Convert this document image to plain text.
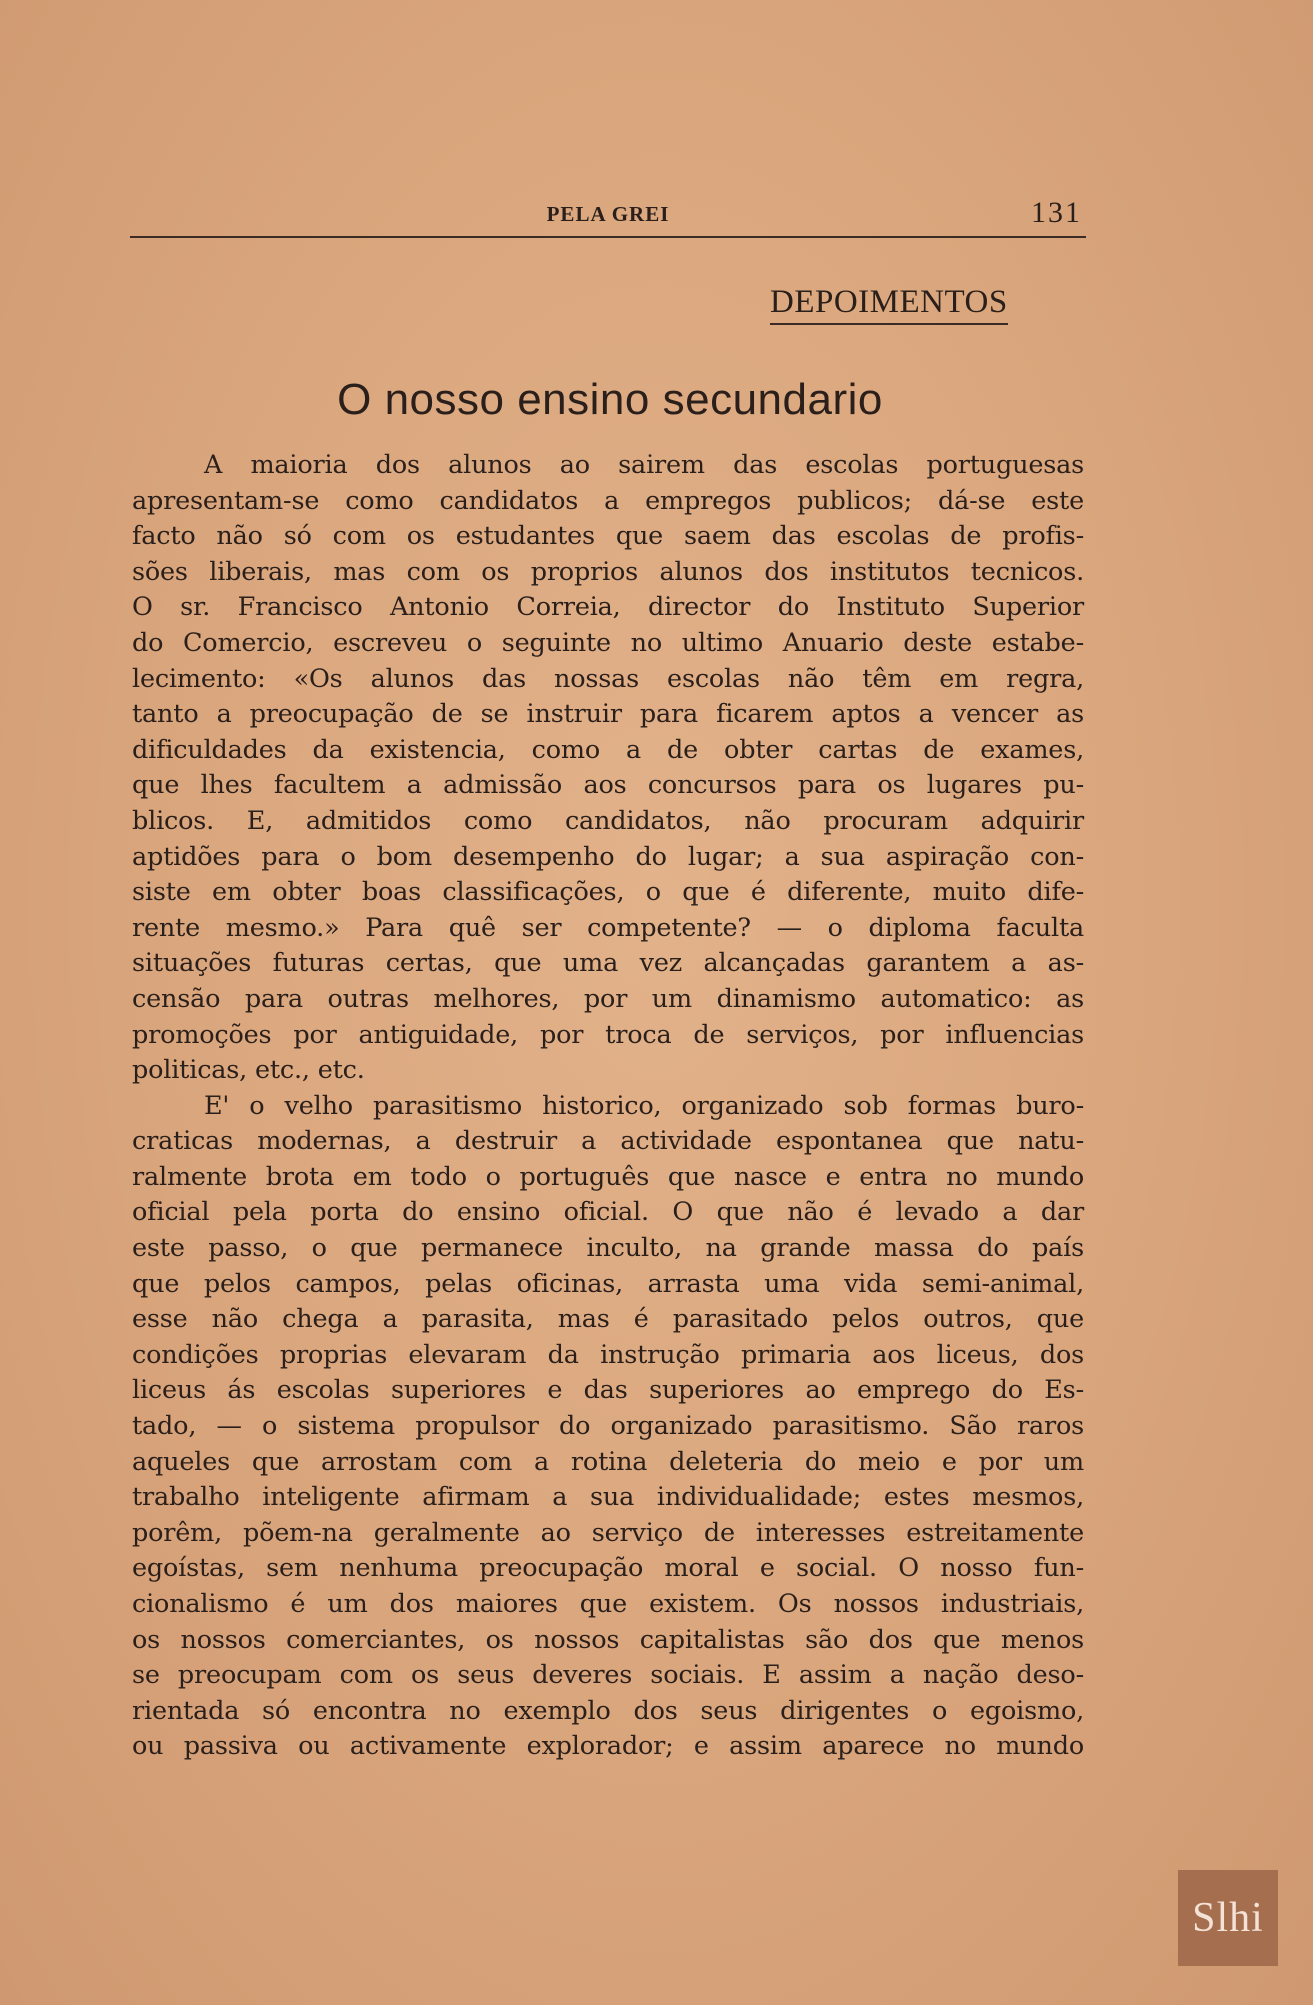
PELA GREI	131
DEPOIMENTOS
O nosso ensino secundario
A maioria dos alunos ao sairem das escolas portuguesas
apresentam-se como candidatos a empregos publicos; dá-se este
facto não só com os estudantes que saem das escolas de profis-
sões liberais, mas com os proprios alunos dos institutos tecnicos.
O sr. Francisco Antonio Correia, director do Instituto Superior
do Comercio, escreveu o seguinte no ultimo Anuario deste estabe-
lecimento: «Os alunos das nossas escolas não têm em regra,
tanto a preocupação de se instruir para ficarem aptos a vencer as
dificuldades da existencia, como a de obter cartas de exames,
que lhes facultem a admissão aos concursos para os lugares pu-
blicos. E, admitidos como candidatos, não procuram adquirir
aptidões para o bom desempenho do lugar; a sua aspiração con-
siste em obter boas classificações, o que é diferente, muito dife-
rente mesmo.» Para quê ser competente? — o diploma faculta
situações futuras certas, que uma vez alcançadas garantem a as-
censão para outras melhores, por um dinamismo automatico: as
promoções por antiguidade, por troca de serviços, por influencias
politicas, etc., etc.
E' o velho parasitismo historico, organizado sob formas buro-
craticas modernas, a destruir a actividade espontanea que natu-
ralmente brota em todo o português que nasce e entra no mundo
oficial pela porta do ensino oficial. O que não é levado a dar
este passo, o que permanece inculto, na grande massa do país
que pelos campos, pelas oficinas, arrasta uma vida semi-animal,
esse não chega a parasita, mas é parasitado pelos outros, que
condições proprias elevaram da instrução primaria aos liceus, dos
liceus ás escolas superiores e das superiores ao emprego do Es-
tado, — o sistema propulsor do organizado parasitismo. São raros
aqueles que arrostam com a rotina deleteria do meio e por um
trabalho inteligente afirmam a sua individualidade; estes mesmos,
porêm, põem-na geralmente ao serviço de interesses estreitamente
egoístas, sem nenhuma preocupação moral e social. O nosso fun-
cionalismo é um dos maiores que existem. Os nossos industriais,
os nossos comerciantes, os nossos capitalistas são dos que menos
se preocupam com os seus deveres sociais. E assim a nação deso-
rientada só encontra no exemplo dos seus dirigentes o egoismo,
ou passiva ou activamente explorador; e assim aparece no mundo
Slhi
